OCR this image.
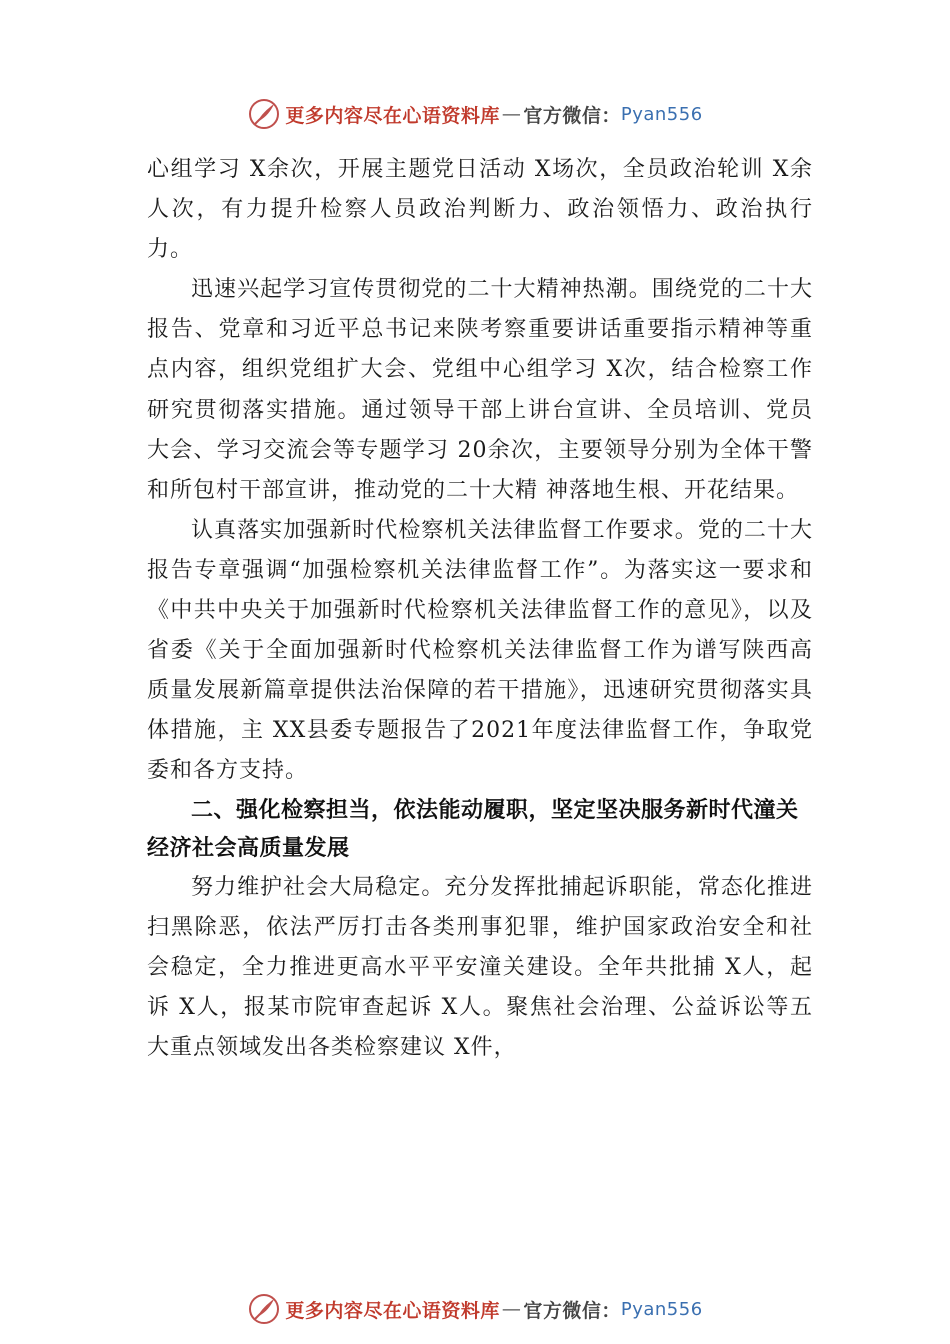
更多内容尽在心语资料库 — 官方微信： Pyan556

心组学习 X余次，开展主题党日活动 X场次，全员政治轮训 X余人次，有力提升检察人员政治判断力、政治领悟力、政治执行力。

迅速兴起学习宣传贯彻党的二十大精神热潮。围绕党的二十大报告、党章和习近平总书记来陕考察重要讲话重要指示精神等重点内容，组织党组扩大会、党组中心组学习 X次，结合检察工作研究贯彻落实措施。通过领导干部上讲台宣讲、全员培训、党员大会、学习交流会等专题学习 20余次，主要领导分别为全体干警和所包村干部宣讲，推动党的二十大精 神落地生根、开花结果。

认真落实加强新时代检察机关法律监督工作要求。党的二十大报告专章强调“加强检察机关法律监督工作”。为落实这一要求和《中共中央关于加强新时代检察机关法律监督工作的意见》，以及省委《关于全面加强新时代检察机关法律监督工作为谱写陕西高质量发展新篇章提供法治保障的若干措施》，迅速研究贯彻落实具体措施，主 XX县委专题报告了2021年度法律监督工作，争取党委和各方支持。

二、强化检察担当，依法能动履职，坚定坚决服务新时代潼关经济社会高质量发展

努力维护社会大局稳定。充分发挥批捕起诉职能，常态化推进扫黑除恶，依法严厉打击各类刑事犯罪，维护国家政治安全和社会稳定，全力推进更高水平平安潼关建设。全年共批捕 X人，起诉 X人，报某市院审查起诉 X人。聚焦社会治理、公益诉讼等五大重点领域发出各类检察建议 X件，

更多内容尽在心语资料库 — 官方微信： Pyan556
